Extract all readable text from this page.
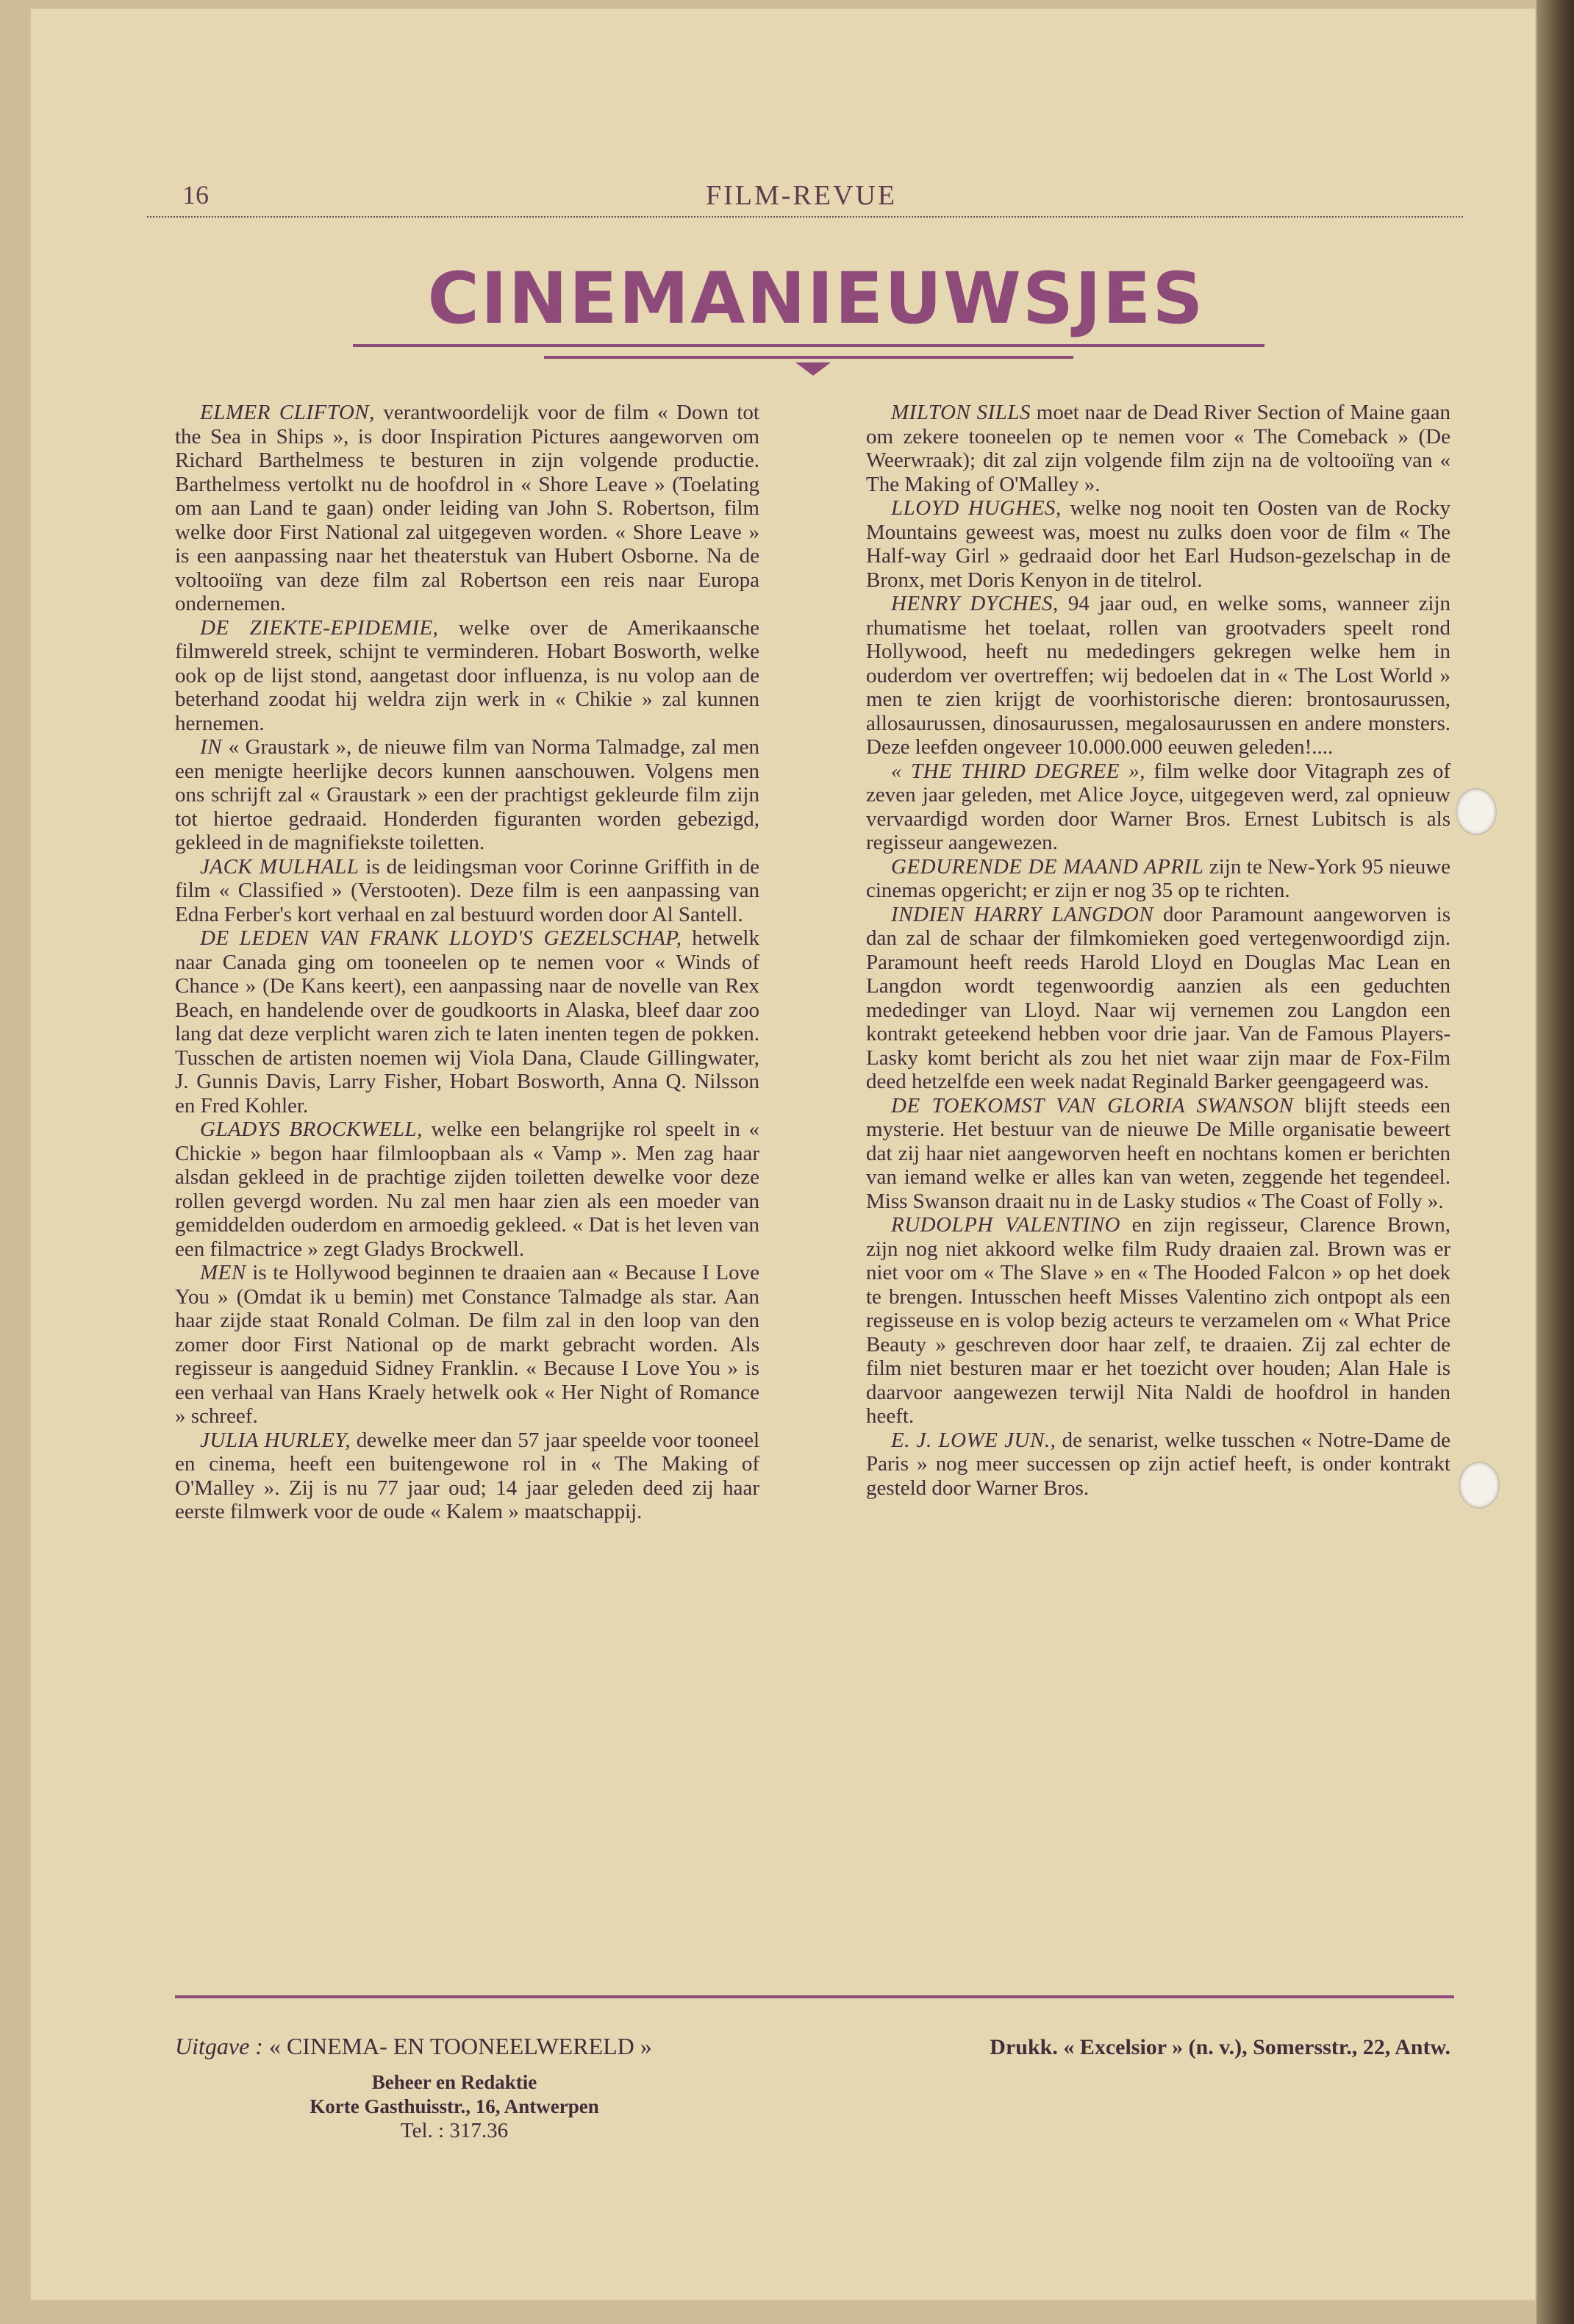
16	FILM-REVUE
CINEMANIEUWSJES

ELMER CLIFTON, verantwoordelijk voor de film « Down tot the Sea in Ships », is door Inspiration Pictures aangeworven om Richard Barthelmess te besturen in zijn volgende productie. Barthelmess vertolkt nu de hoofdrol in « Shore Leave » (Toelating om aan Land te gaan) onder leiding van John S. Robertson, film welke door First National zal uitgegeven worden. « Shore Leave » is een aanpassing naar het theaterstuk van Hubert Osborne. Na de voltooiïng van deze film zal Robertson een reis naar Europa ondernemen.

DE ZIEKTE-EPIDEMIE, welke over de Amerikaansche filmwereld streek, schijnt te verminderen. Hobart Bosworth, welke ook op de lijst stond, aangetast door influenza, is nu volop aan de beterhand zoodat hij weldra zijn werk in « Chikie » zal kunnen hernemen.

IN « Graustark », de nieuwe film van Norma Talmadge, zal men een menigte heerlijke decors kunnen aanschouwen. Volgens men ons schrijft zal « Graustark » een der prachtigst gekleurde film zijn tot hiertoe gedraaid. Honderden figuranten worden gebezigd, gekleed in de magnifiekste toiletten.

JACK MULHALL is de leidingsman voor Corinne Griffith in de film « Classified » (Verstooten). Deze film is een aanpassing van Edna Ferber's kort verhaal en zal bestuurd worden door Al Santell.

DE LEDEN VAN FRANK LLOYD'S GEZELSCHAP, hetwelk naar Canada ging om tooneelen op te nemen voor « Winds of Chance » (De Kans keert), een aanpassing naar de novelle van Rex Beach, en handelende over de goudkoorts in Alaska, bleef daar zoo lang dat deze verplicht waren zich te laten inenten tegen de pokken. Tusschen de artisten noemen wij Viola Dana, Claude Gillingwater, J. Gunnis Davis, Larry Fisher, Hobart Bosworth, Anna Q. Nilsson en Fred Kohler.

GLADYS BROCKWELL, welke een belangrijke rol speelt in « Chickie » begon haar filmloopbaan als « Vamp ». Men zag haar alsdan gekleed in de prachtige zijden toiletten dewelke voor deze rollen gevergd worden. Nu zal men haar zien als een moeder van gemiddelden ouderdom en armoedig gekleed. « Dat is het leven van een filmactrice » zegt Gladys Brockwell.

MEN is te Hollywood beginnen te draaien aan « Because I Love You » (Omdat ik u bemin) met Constance Talmadge als star. Aan haar zijde staat Ronald Colman. De film zal in den loop van den zomer door First National op de markt gebracht worden. Als regisseur is aangeduid Sidney Franklin. « Because I Love You » is een verhaal van Hans Kraely hetwelk ook « Her Night of Romance » schreef.

JULIA HURLEY, dewelke meer dan 57 jaar speelde voor tooneel en cinema, heeft een buitengewone rol in « The Making of O'Malley ». Zij is nu 77 jaar oud; 14 jaar geleden deed zij haar eerste filmwerk voor de oude « Kalem » maatschappij.

MILTON SILLS moet naar de Dead River Section of Maine gaan om zekere tooneelen op te nemen voor « The Comeback » (De Weerwraak); dit zal zijn volgende film zijn na de voltooiïng van « The Making of O'Malley ».

LLOYD HUGHES, welke nog nooit ten Oosten van de Rocky Mountains geweest was, moest nu zulks doen voor de film « The Half-way Girl » gedraaid door het Earl Hudson-gezelschap in de Bronx, met Doris Kenyon in de titelrol.

HENRY DYCHES, 94 jaar oud, en welke soms, wanneer zijn rhumatisme het toelaat, rollen van grootvaders speelt rond Hollywood, heeft nu mededingers gekregen welke hem in ouderdom ver overtreffen; wij bedoelen dat in « The Lost World » men te zien krijgt de voorhistorische dieren: brontosaurussen, allosaurussen, dinosaurussen, megalosaurussen en andere monsters. Deze leefden ongeveer 10.000.000 eeuwen geleden!....

« THE THIRD DEGREE », film welke door Vitagraph zes of zeven jaar geleden, met Alice Joyce, uitgegeven werd, zal opnieuw vervaardigd worden door Warner Bros. Ernest Lubitsch is als regisseur aangewezen.

GEDURENDE DE MAAND APRIL zijn te New-York 95 nieuwe cinemas opgericht; er zijn er nog 35 op te richten.

INDIEN HARRY LANGDON door Paramount aangeworven is dan zal de schaar der filmkomieken goed vertegenwoordigd zijn. Paramount heeft reeds Harold Lloyd en Douglas Mac Lean en Langdon wordt tegenwoordig aanzien als een geduchten mededinger van Lloyd. Naar wij vernemen zou Langdon een kontrakt geteekend hebben voor drie jaar. Van de Famous Players-Lasky komt bericht als zou het niet waar zijn maar de Fox-Film deed hetzelfde een week nadat Reginald Barker geengageerd was.

DE TOEKOMST VAN GLORIA SWANSON blijft steeds een mysterie. Het bestuur van de nieuwe De Mille organisatie beweert dat zij haar niet aangeworven heeft en nochtans komen er berichten van iemand welke er alles kan van weten, zeggende het tegendeel. Miss Swanson draait nu in de Lasky studios « The Coast of Folly ».

RUDOLPH VALENTINO en zijn regisseur, Clarence Brown, zijn nog niet akkoord welke film Rudy draaien zal. Brown was er niet voor om « The Slave » en « The Hooded Falcon » op het doek te brengen. Intusschen heeft Misses Valentino zich ontpopt als een regisseuse en is volop bezig acteurs te verzamelen om « What Price Beauty » geschreven door haar zelf, te draaien. Zij zal echter de film niet besturen maar er het toezicht over houden; Alan Hale is daarvoor aangewezen terwijl Nita Naldi de hoofdrol in handen heeft.

E. J. LOWE JUN., de senarist, welke tusschen « Notre-Dame de Paris » nog meer successen op zijn actief heeft, is onder kontrakt gesteld door Warner Bros.

Uitgave : « CINEMA- EN TOONEELWERELD »
Beheer en Redaktie
Korte Gasthuisstr., 16, Antwerpen
Tel. : 317.36
Drukk. « Excelsior » (n. v.), Somersstr., 22, Antw.
